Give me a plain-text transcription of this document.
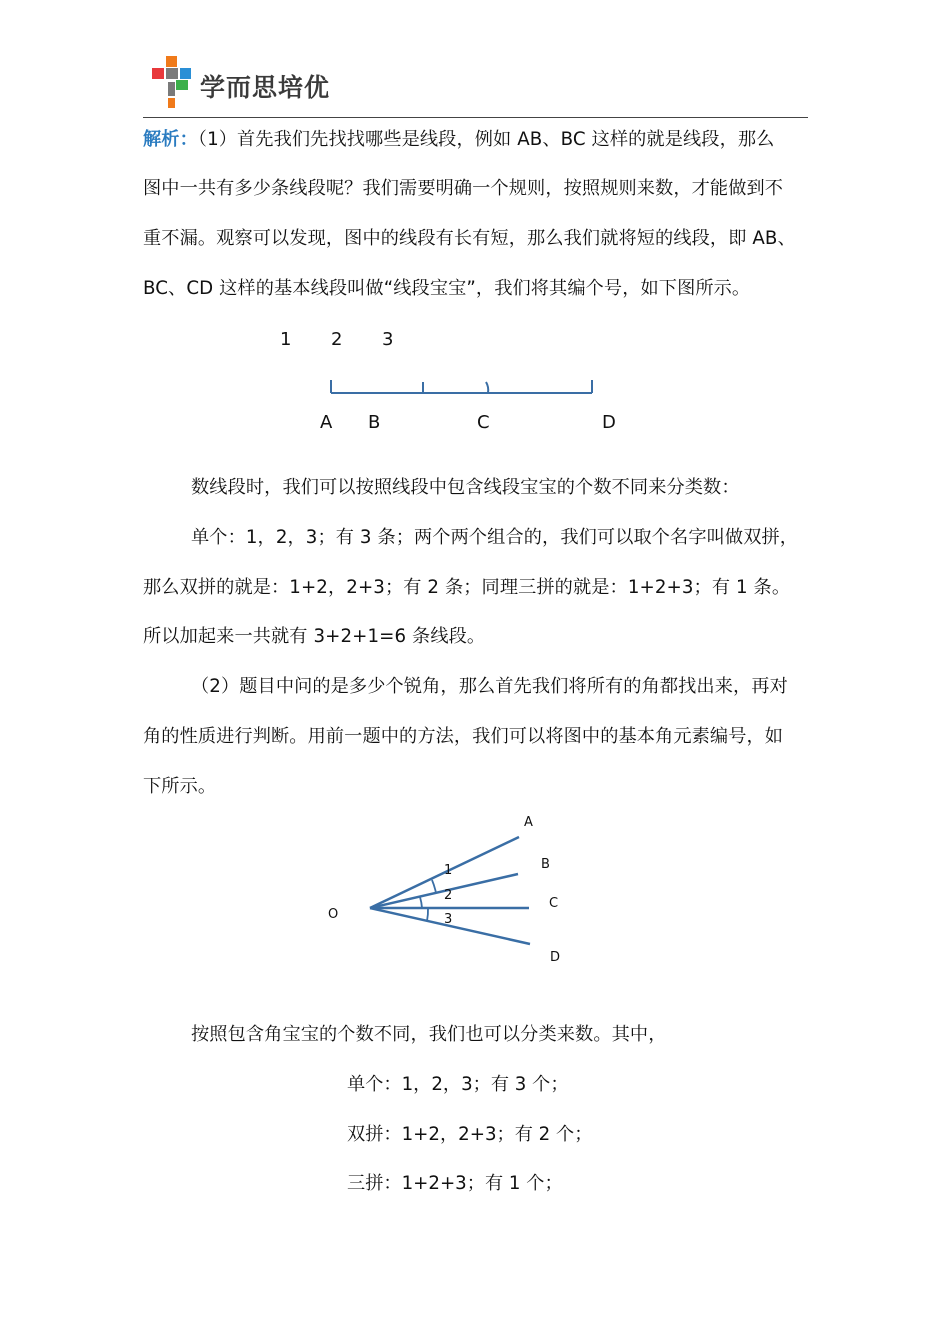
学而思培优
解析：（1）首先我们先找找哪些是线段，例如 AB、BC 这样的就是线段，那么
图中一共有多少条线段呢？我们需要明确一个规则，按照规则来数，才能做到不
重不漏。观察可以发现，图中的线段有长有短，那么我们就将短的线段，即 AB、
BC、CD 这样的基本线段叫做“线段宝宝”，我们将其编个号，如下图所示。
1 2 3
A B	C	D
数线段时，我们可以按照线段中包含线段宝宝的个数不同来分类数：
单个：1，2，3；有 3 条；两个两个组合的，我们可以取个名字叫做双拼，
那么双拼的就是：1+2，2+3；有 2 条；同理三拼的就是：1+2+3；有 1 条。
所以加起来一共就有 3+2+1=6 条线段。
（2）题目中问的是多少个锐角，那么首先我们将所有的角都找出来，再对
角的性质进行判断。用前一题中的方法，我们可以将图中的基本角元素编号，如
下所示。
O
A
B
C
D
1
2
3
按照包含角宝宝的个数不同，我们也可以分类来数。其中，
单个：1，2，3；有 3 个；
双拼：1+2，2+3；有 2 个；
三拼：1+2+3；有 1 个；
